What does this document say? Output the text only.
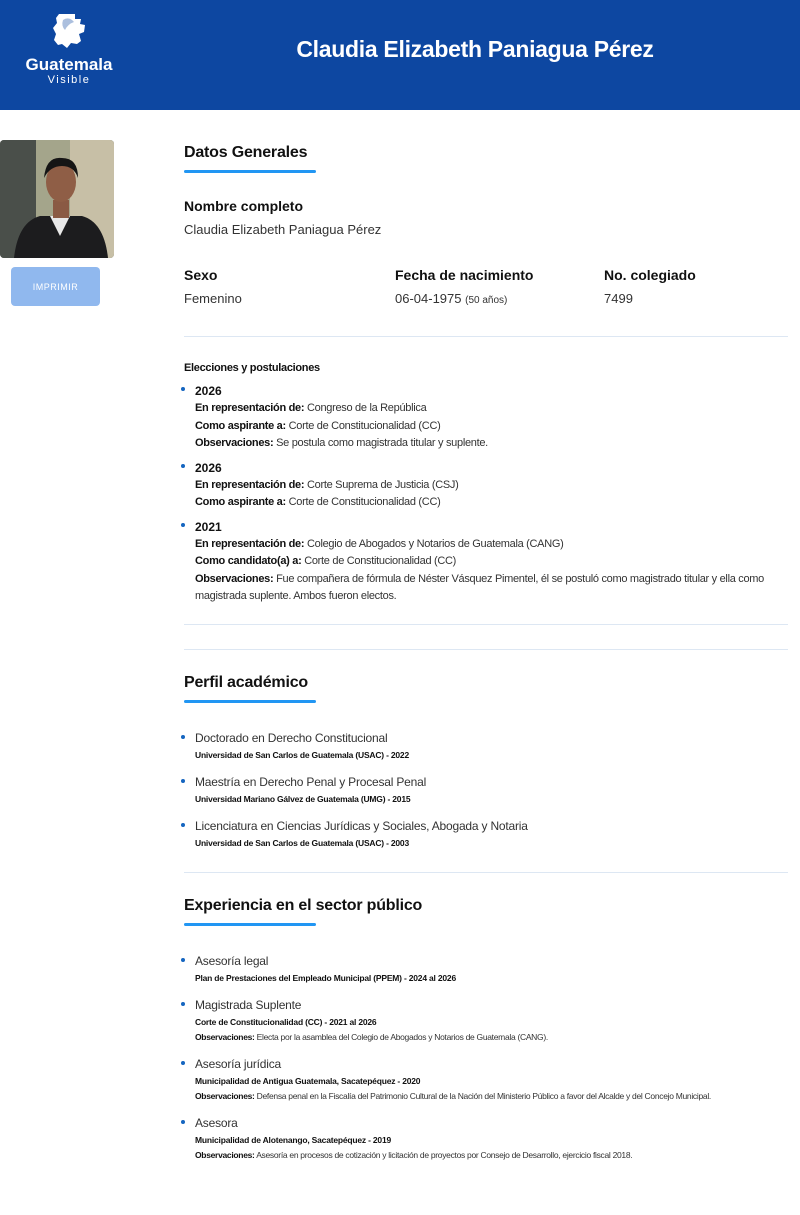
Guatemala
Visible
Claudia Elizabeth Paniagua Pérez
IMPRIMIR
Datos Generales
Nombre completo
Claudia Elizabeth Paniagua Pérez
Sexo
Femenino
Fecha de nacimiento
06-04-1975 (50 años)
No. colegiado
7499
Elecciones y postulaciones
2026
En representación de: Congreso de la República
Como aspirante a: Corte de Constitucionalidad (CC)
Observaciones: Se postula como magistrada titular y suplente.
2026
En representación de: Corte Suprema de Justicia (CSJ)
Como aspirante a: Corte de Constitucionalidad (CC)
2021
En representación de: Colegio de Abogados y Notarios de Guatemala (CANG)
Como candidato(a) a: Corte de Constitucionalidad (CC)
Observaciones: Fue compañera de fórmula de Néster Vásquez Pimentel, él se postuló como magistrado titular y ella como magistrada suplente. Ambos fueron electos.
Perfil académico
Doctorado en Derecho Constitucional
Universidad de San Carlos de Guatemala (USAC) - 2022
Maestría en Derecho Penal y Procesal Penal
Universidad Mariano Gálvez de Guatemala (UMG) - 2015
Licenciatura en Ciencias Jurídicas y Sociales, Abogada y Notaria
Universidad de San Carlos de Guatemala (USAC) - 2003
Experiencia en el sector público
Asesoría legal
Plan de Prestaciones del Empleado Municipal (PPEM) - 2024 al 2026
Magistrada Suplente
Corte de Constitucionalidad (CC) - 2021 al 2026
Observaciones: Electa por la asamblea del Colegio de Abogados y Notarios de Guatemala (CANG).
Asesoría jurídica
Municipalidad de Antigua Guatemala, Sacatepéquez - 2020
Observaciones: Defensa penal en la Fiscalía del Patrimonio Cultural de la Nación del Ministerio Público a favor del Alcalde y del Concejo Municipal.
Asesora
Municipalidad de Alotenango, Sacatepéquez - 2019
Observaciones: Asesoría en procesos de cotización y licitación de proyectos por Consejo de Desarrollo, ejercicio fiscal 2018.
